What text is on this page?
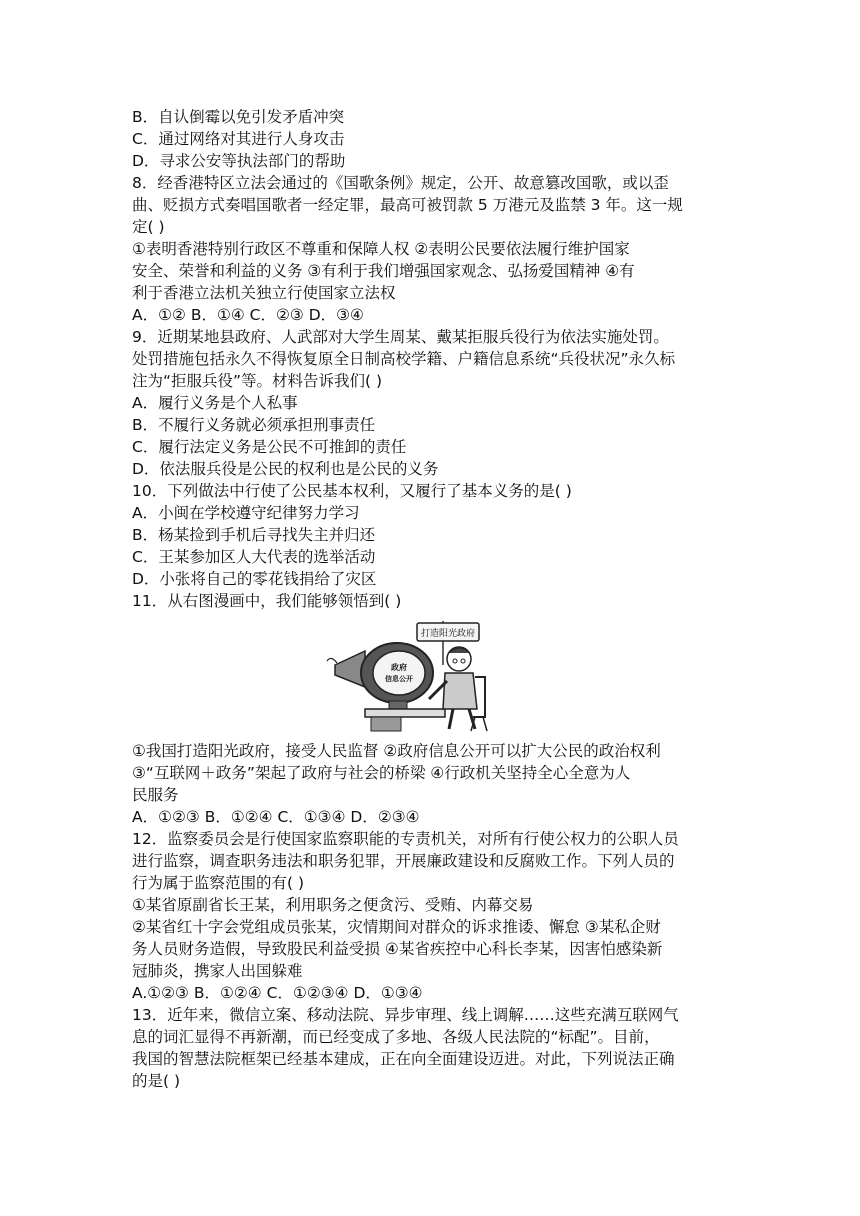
B．自认倒霉以免引发矛盾冲突
C．通过网络对其进行人身攻击
D．寻求公安等执法部门的帮助
8．经香港特区立法会通过的《国歌条例》规定，公开、故意篡改国歌，或以歪
曲、贬损方式奏唱国歌者一经定罪，最高可被罚款 5 万港元及监禁 3 年。这一规
定( )
①表明香港特别行政区不尊重和保障人权 ②表明公民要依法履行维护国家
安全、荣誉和利益的义务 ③有利于我们增强国家观念、弘扬爱国精神 ④有
利于香港立法机关独立行使国家立法权
A．①② B．①④ C．②③ D．③④
9．近期某地县政府、人武部对大学生周某、戴某拒服兵役行为依法实施处罚。
处罚措施包括永久不得恢复原全日制高校学籍、户籍信息系统“兵役状况”永久标
注为“拒服兵役”等。材料告诉我们( )
A．履行义务是个人私事
B．不履行义务就必须承担刑事责任
C．履行法定义务是公民不可推卸的责任
D．依法服兵役是公民的权利也是公民的义务
10．下列做法中行使了公民基本权利，又履行了基本义务的是( )
A．小闽在学校遵守纪律努力学习
B．杨某捡到手机后寻找失主并归还
C．王某参加区人大代表的选举活动
D．小张将自己的零花钱捐给了灾区
11．从右图漫画中，我们能够领悟到( )
①我国打造阳光政府，接受人民监督 ②政府信息公开可以扩大公民的政治权利
③“互联网＋政务”架起了政府与社会的桥梁 ④行政机关坚持全心全意为人
民服务
A．①②③ B．①②④ C．①③④ D．②③④
12．监察委员会是行使国家监察职能的专责机关，对所有行使公权力的公职人员
进行监察，调查职务违法和职务犯罪，开展廉政建设和反腐败工作。下列人员的
行为属于监察范围的有( )
①某省原副省长王某，利用职务之便贪污、受贿、内幕交易
②某省红十字会党组成员张某，灾情期间对群众的诉求推诿、懈怠 ③某私企财
务人员财务造假，导致股民利益受损 ④某省疾控中心科长李某，因害怕感染新
冠肺炎，携家人出国躲难
A.①②③ B．①②④ C．①②③④ D．①③④
13．近年来，微信立案、移动法院、异步审理、线上调解……这些充满互联网气
息的词汇显得不再新潮，而已经变成了多地、各级人民法院的“标配”。目前，
我国的智慧法院框架已经基本建成，正在向全面建设迈进。对此，下列说法正确
的是( )
打造阳光政府
政府
信息公开
